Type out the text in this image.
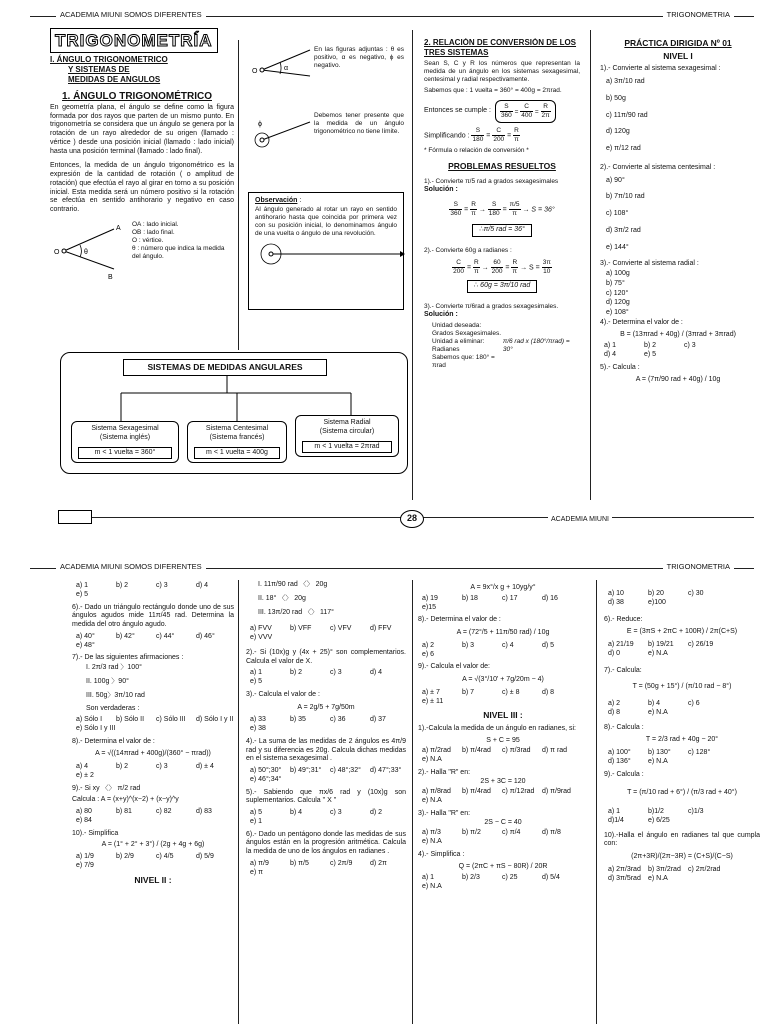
ACADEMIA MIUNI SOMOS DIFERENTES	TRIGONOMETRIA
TRIGONOMETRÍA
I. ÁNGULO TRIGONOMETRICO
Y SISTEMAS DE
MEDIDAS DE ANGULOS
1. ÁNGULO TRIGONOMÉTRICO

En geometría plana, el ángulo se define como la figura formada por dos rayos que parten de un mismo punto. En trigonometría se considera que un ángulo se genera por la rotación de un rayo alrededor de su origen (llamado : vértice ) desde una posición inicial (llamado : lado inicial) hasta una posición terminal (llamado : lado final).

Entonces, la medida de un ángulo trigonométrico es la expresión de la cantidad de rotación ( o amplitud de rotación) que efectúa el rayo al girar en torno a su posición inicial. Esta medida será un número positivo si la rotación se efectúa en sentido antihorario y negativo en caso contrario.

O
A
B
θ
OA : lado inicial.
OB : lado final.
O : vértice.
θ : número que indica la medida del ángulo.
O	α

En las figuras adjuntas : θ es positivo, α es negativo, ϕ es negativo.

ϕ

Debemos tener presente que la medida de un ángulo trigonométrico no tiene límite.

Observación :

Al ángulo generado al rotar un rayo en sentido antihorario hasta que coincida por primera vez con su posición inicial, lo denominamos ángulo de una vuelta o ángulo de una revolución.

SISTEMAS DE MEDIDAS ANGULARES
Sistema Sexagesimal
(Sistema inglés)
m < 1 vuelta = 360°
Sistema Centesimal
(Sistema francés)
m < 1 vuelta = 400g
Sistema Radial
(Sistema circular)
m < 1 vuelta = 2πrad
2. RELACIÓN DE CONVERSIÓN DE LOS TRES SISTEMAS

Sean S, C y R los números que representan la medida de un ángulo en los sistemas sexagesimal, centesimal y radial respectivamente.

Sabemos que : 1 vuelta = 360° = 400g = 2πrad.

Entonces se cumple : $\frac{S}{360} = \frac{C}{400} = \frac{R}{2\pi}$
Simplificando : $\frac{S}{180} = \frac{C}{200} = \frac{R}{\pi}$
* Fórmula o relación de conversión *
PROBLEMAS RESUELTOS

1).- Convierte π/5 rad a grados sexagesimales

Solución :
$\frac{S}{360} = \frac{R}{\pi} \to \frac{S}{180} = \frac{\pi/5}{\pi} \to S = 36^\circ$
∴π/5 rad = 36°

2).- Convierte 60g a radianes :

$\frac{C}{200} = \frac{R}{\pi} \to \frac{60}{200} = \frac{R}{\pi} \to S = \frac{3\pi}{10}$
∴ 60g = 3π/10 rad

3).- Convierte π/6rad a grados sexagesimales.

Solución :
• Unidad deseada: Grados Sexagesimales.
• Unidad a eliminar: Radianes
• Sabemos que: 180° = πrad
π/6 rad x (180°/πrad) = 30°
PRÁCTICA DIRIGIDA Nº 01
NIVEL I
1).- Convierte al sistema sexagesimal :
a) 3π/10 rad
b) 50g
c) 11π/90 rad
d) 120g
e) π/12 rad
2).- Convierte al sistema centesimal :
a) 90°
b) 7π/10 rad
c) 108°
d) 3π/2 rad
e) 144°
3).- Convierte al sistema radial :
a) 100g
b) 75°
c) 120°
d) 120g
e) 108°
4).- Determina el valor de :
B = (13πrad + 40g) / (3πrad + 3πrad)
a) 1	b) 2	c) 3
d) 4	e) 5
5).- Calcula :
A = (7π/90 rad + 40g) / 10g
28	ACADEMIA MIUNI
ACADEMIA MIUNI SOMOS DIFERENTES	TRIGONOMETRIA
a) 1	b) 2	c) 3	d) 4
e) 5

6).- Dado un triángulo rectángulo donde uno de sus ángulos agudos mide 11π/45 rad. Determina la medida del otro ángulo agudo.

a) 40°	b) 42°	c) 44°	d) 46°
e) 48°
7).- De las siguientes afirmaciones :
I. 2π/3 rad 〉100°
II. 100g 〉90°
III. 50g〉3π/10 rad
Son verdaderas :
a) Sólo I	b) Sólo II	c) Sólo III	d) Sólo I y II
e) Sólo I y III
8).- Determina el valor de :
A = √((14πrad + 400g)/(360° − πrad))
a) 4	b) 2	c) 3	d) ± 4
e) ± 2
9).- Si xy 〈〉 π/2 rad
Calcula : A = (x+y)^(x−2) + (x−y)^y
a) 80	b) 81	c) 82	d) 83
e) 84
10).- Simplifica
A = (1° + 2° + 3°) / (2g + 4g + 6g)
a) 1/9	b) 2/9	c) 4/5	d) 5/9
e) 7/9
NIVEL II :
I. 11π/90 rad 〈〉 20g
II. 18° 〈〉 20g
III. 13π/20 rad 〈〉 117°
a) FVV	b) VFF	c) VFV	d) FFV
e) VVV

2).- Si (10x)g y (4x + 25)° son complementarios. Calcula el valor de X.

a) 1	b) 2	c) 3	d) 4
e) 5
3).- Calcula el valor de :
A = 2g/5 + 7g/50m
a) 33	b) 35	c) 36	d) 37
e) 38

4).- La suma de las medidas de 2 ángulos es 4π/9 rad y su diferencia es 20g. Calcula dichas medidas en el sistema sexagesimal .

a) 50°;30°	b) 49°;31°	c) 48°;32°	d) 47°;33°
e) 46°;34°

5).- Sabiendo que πx/6 rad y (10x)g son suplementarios. Calcula " X "

a) 5	b) 4	c) 3	d) 2
e) 1

6).- Dado un pentágono donde las medidas de sus ángulos están en la progresión aritmética. Calcula la medida de uno de los ángulos en radianes .

a) π/9	b) π/5	c) 2π/9	d) 2π
e) π
A = 9x°/x g + 10yg/y°
a) 19	b) 18	c) 17	d) 16
e)15
8).- Determina el valor de :
A = (72°/5 + 11π/50 rad) / 10g
a) 2	b) 3	c) 4	d) 5
e) 6
9).- Calcula el valor de:
A = √(3°/10' + 7g/20m − 4)
a) ± 7	b) 7	c) ± 8	d) 8
e) ± 11
NIVEL III :

1).-Calcula la medida de un ángulo en radianes, si:

S + C = 95
a) π/2rad	b) π/4rad	c) π/3rad	d) π rad
e) N.A
2).- Halla "R" en:
2S + 3C = 120
a) π/8rad	b) π/4rad	c) π/12rad d) π/9rad
e) N.A
3).- Halla "R" en:
2S − C = 40
a) π/3	b) π/2	c) π/4	d) π/8
e) N.A
4).- Simplifica :
Q = (2πC + πS − 80R) / 20R
a) 1	b) 2/3	c) 25	d) 5/4
e) N.A
a) 10	b) 20	c) 30
d) 38	e)100
6).- Reduce:
E = (3πS + 2πC + 100R) / 2π(C+S)
a) 21/19	b) 19/21	c) 26/19
d) 0	e) N.A
7).- Calcula:
T = (50g + 15°) / (π/10 rad − 8°)
a) 2	b) 4	c) 6
d) 8	e) N.A
8).- Calcula :
T = 2/3 rad + 40g − 20°
a) 100°	b) 130°	c) 128°
d) 136°	e) N.A
9).- Calcula :
T = (π/10 rad + 6°) / (π/3 rad + 40°)
a) 1	b)1/2	c)1/3
d)1/4	e) 6/25

10).-Halla el ángulo en radianes tal que cumpla con:

(2π+3R)/(2π−3R) = (C+S)/(C−S)
a) 2π/3rad b) 3π/2rad c) 2π/2rad
d) 3π/5rad e) N.A
